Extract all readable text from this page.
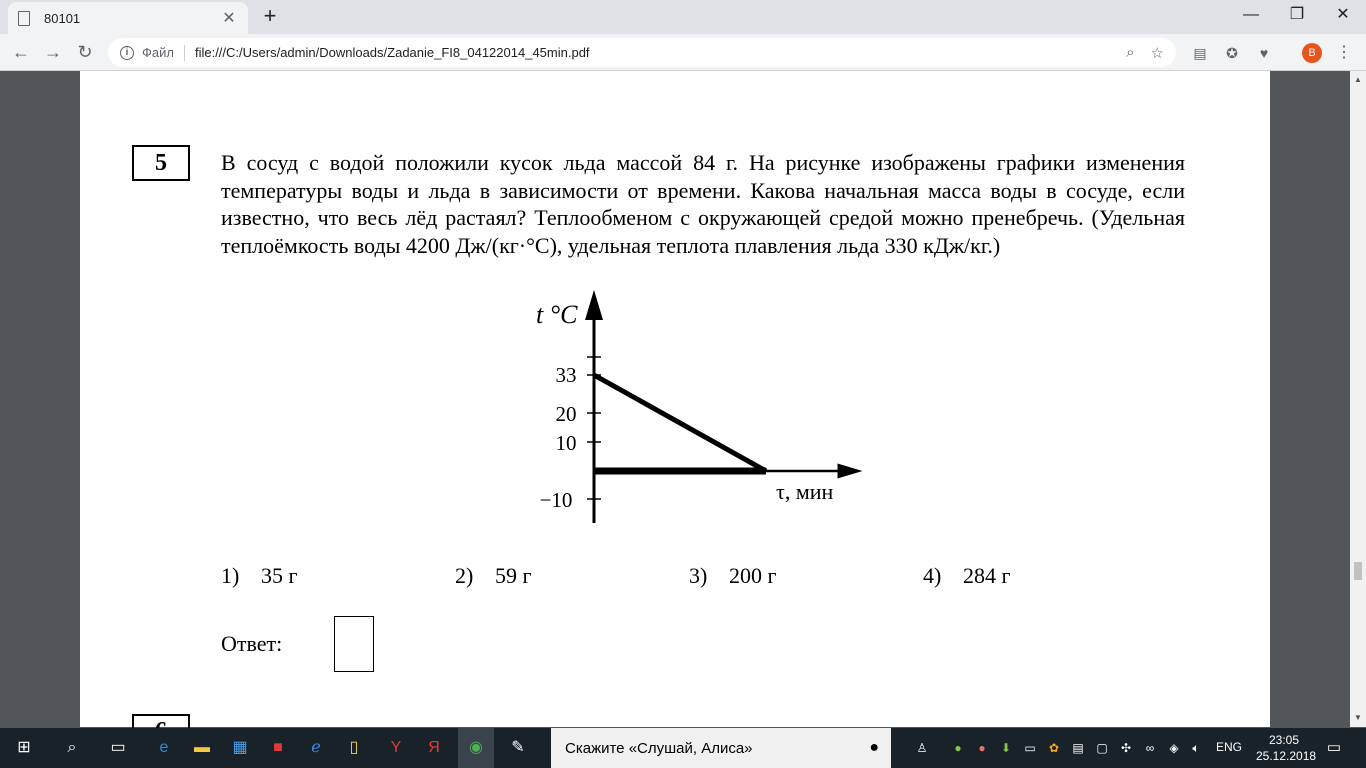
80101	✕	+	—	❐	✕
← → ↻	i	Файл file:///C:/Users/admin/Downloads/Zadanie_FI8_04122014_45min.pdf	⌕ ☆ ▤ ✪	♥	B	⋮
5	В сосуд с водой положили кусок льда массой 84 г. На рисунке изображены графики изменения температуры воды и льда в зависимости от времени. Какова начальная масса воды в сосуде, если известно, что весь лёд растаял? Теплообменом с окружающей средой можно пренебречь. (Удельная теплоёмкость воды 4200 Дж/(кг·°С), удельная теплота плавления льда 330 кДж/кг.)
t °C
33
20
10
−10	τ, мин
1) 35 г	2) 59 г	3) 200 г	4) 284 г
Ответ:
▲
▼
⊞	⌕	▭	e	▬ ▦	■	ℯ	▯	Y	Я	◉	✎	Скажите «Слушай, Алиса»	●	♙	●	●	⬇ ▭ ✿ ▤ ▢ ✣	∞	◈	🔈︎	ENG	23:05
25.12.2018 ▭
